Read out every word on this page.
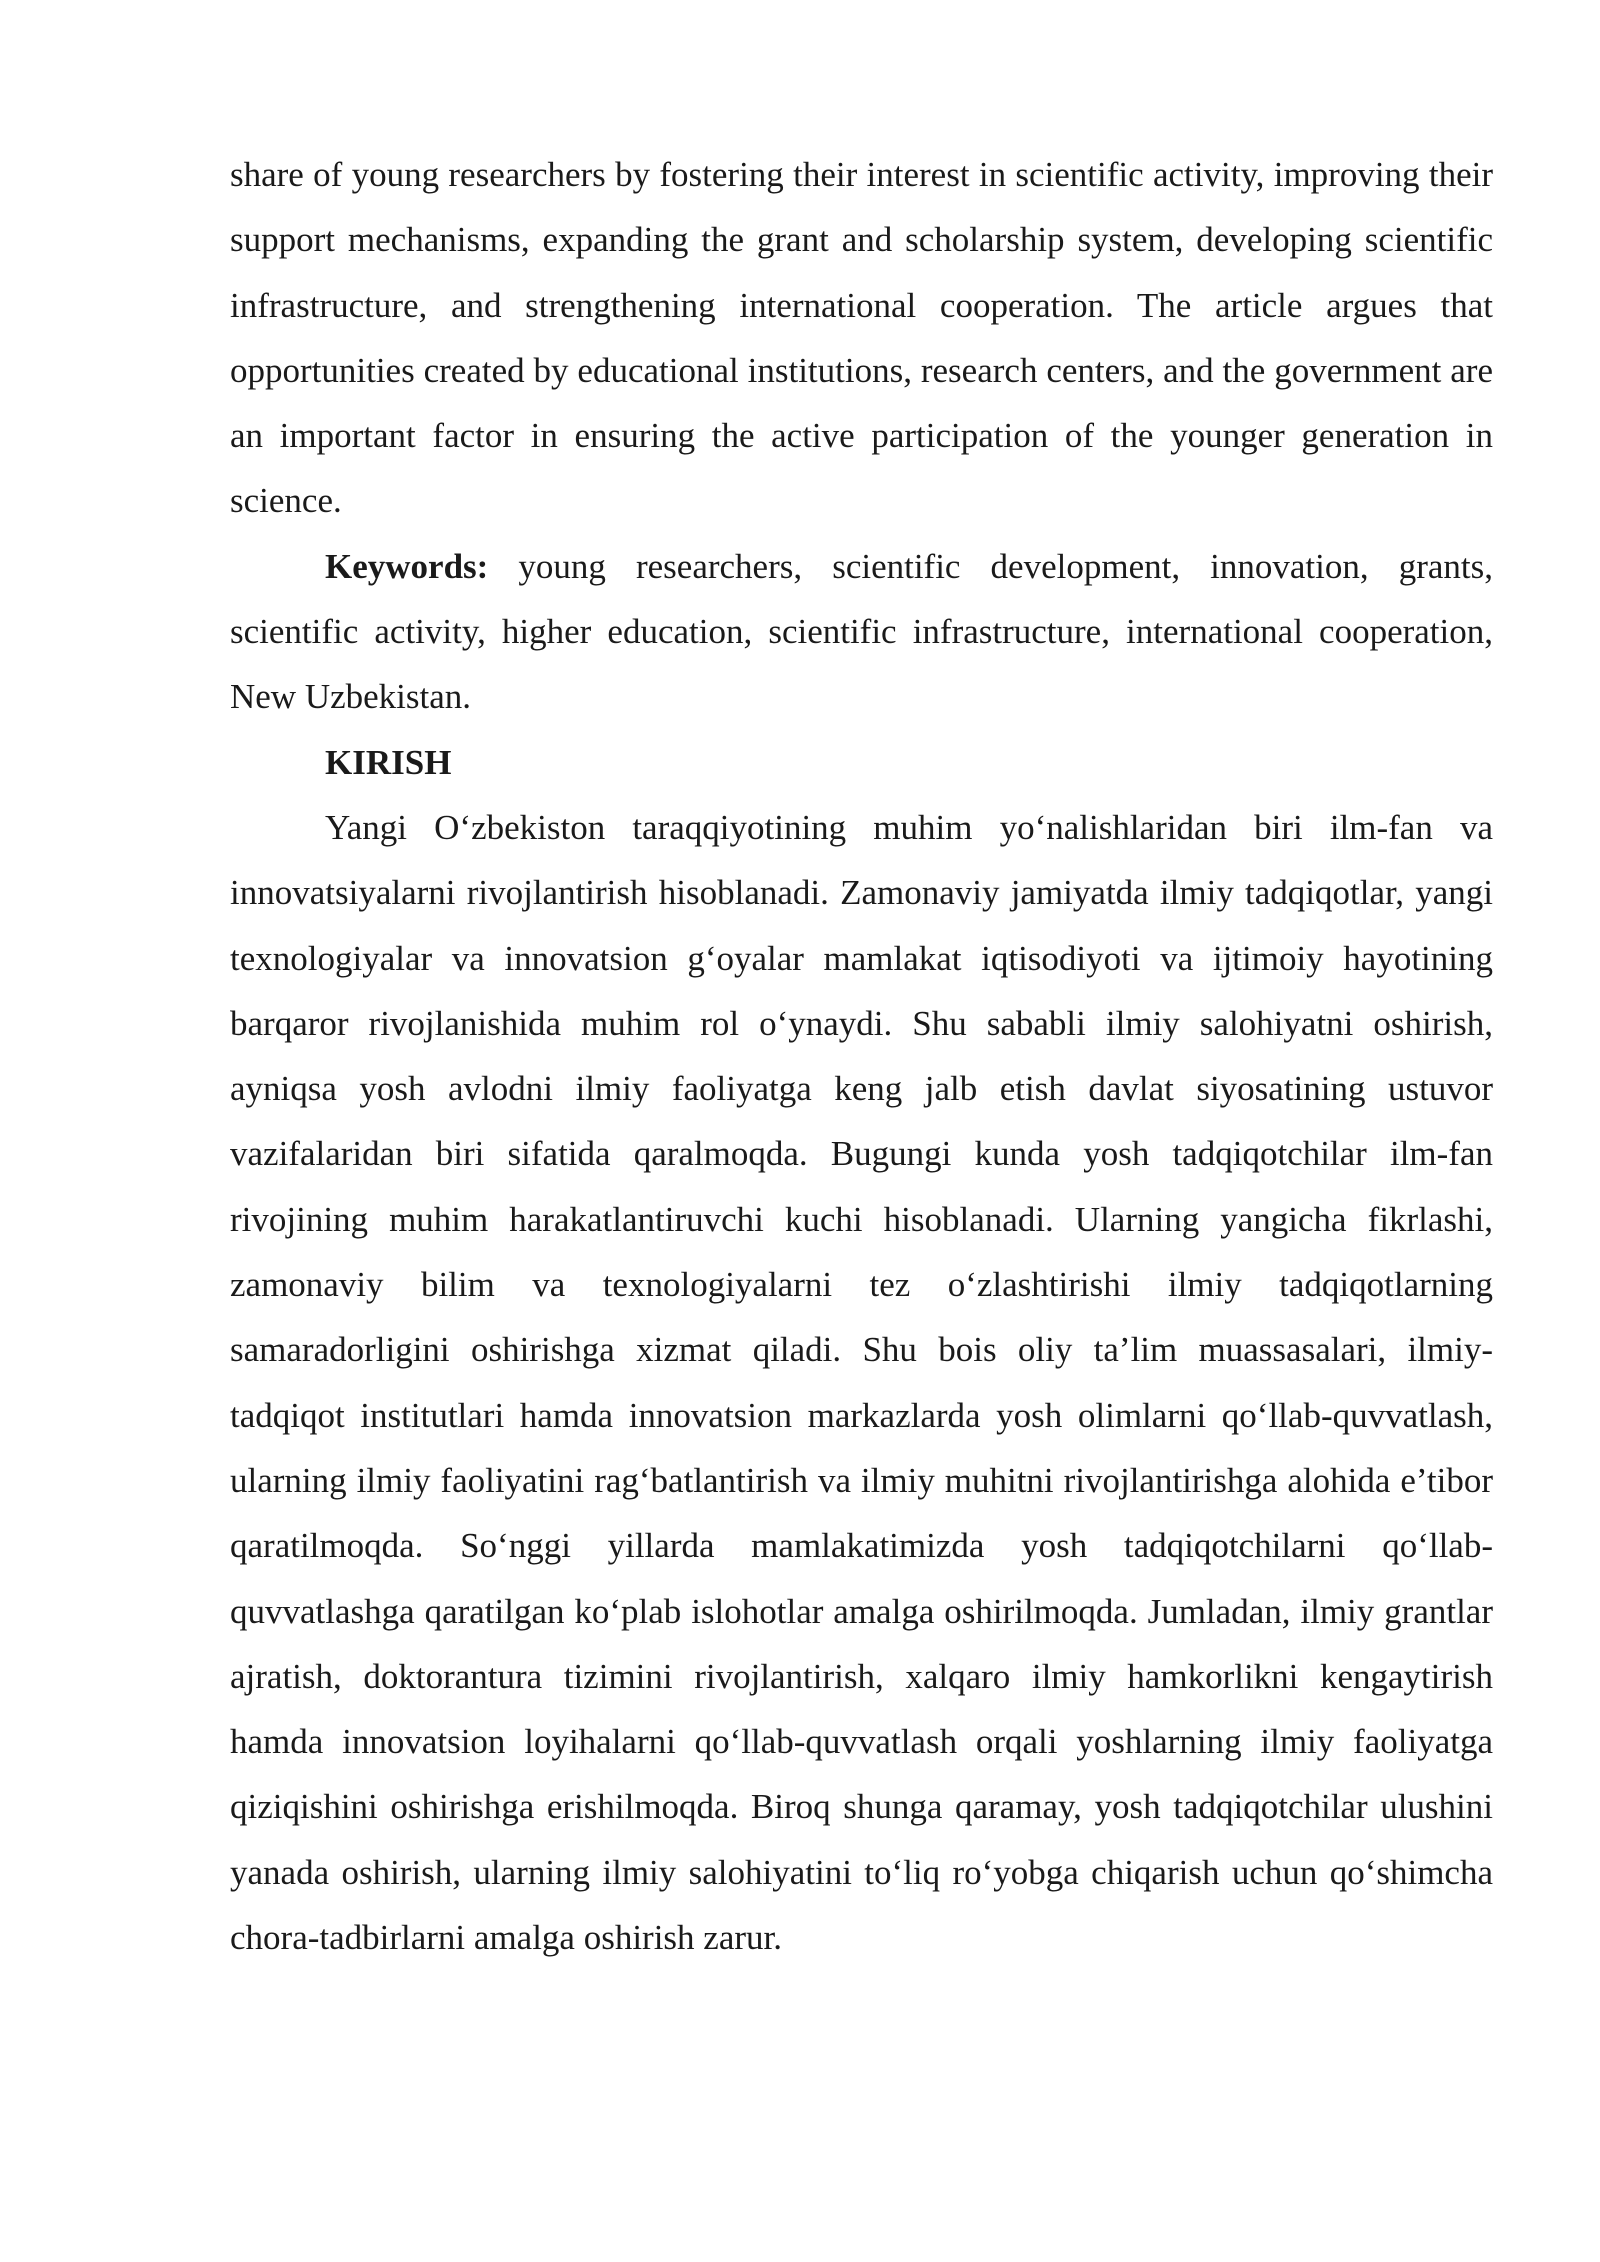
share of young researchers by fostering their interest in scientific activity, improving their support mechanisms, expanding the grant and scholarship system, developing scientific infrastructure, and strengthening international cooperation. The article argues that opportunities created by educational institutions, research centers, and the government are an important factor in ensuring the active participation of the younger generation in science.

Keywords: young researchers, scientific development, innovation, grants, scientific activity, higher education, scientific infrastructure, international cooperation, New Uzbekistan.

KIRISH

Yangi O‘zbekiston taraqqiyotining muhim yo‘nalishlaridan biri ilm-fan va innovatsiyalarni rivojlantirish hisoblanadi. Zamonaviy jamiyatda ilmiy tadqiqotlar, yangi texnologiyalar va innovatsion g‘oyalar mamlakat iqtisodiyoti va ijtimoiy hayotining barqaror rivojlanishida muhim rol o‘ynaydi. Shu sababli ilmiy salohiyatni oshirish, ayniqsa yosh avlodni ilmiy faoliyatga keng jalb etish davlat siyosatining ustuvor vazifalaridan biri sifatida qaralmoqda. Bugungi kunda yosh tadqiqotchilar ilm-fan rivojining muhim harakatlantiruvchi kuchi hisoblanadi. Ularning yangicha fikrlashi, zamonaviy bilim va texnologiyalarni tez o‘zlashtirishi ilmiy tadqiqotlarning samaradorligini oshirishga xizmat qiladi. Shu bois oliy ta’lim muassasalari, ilmiy-tadqiqot institutlari hamda innovatsion markazlarda yosh olimlarni qo‘llab-quvvatlash, ularning ilmiy faoliyatini rag‘batlantirish va ilmiy muhitni rivojlantirishga alohida e’tibor qaratilmoqda. So‘nggi yillarda mamlakatimizda yosh tadqiqotchilarni qo‘llab-quvvatlashga qaratilgan ko‘plab islohotlar amalga oshirilmoqda. Jumladan, ilmiy grantlar ajratish, doktorantura tizimini rivojlantirish, xalqaro ilmiy hamkorlikni kengaytirish hamda innovatsion loyihalarni qo‘llab-quvvatlash orqali yoshlarning ilmiy faoliyatga qiziqishini oshirishga erishilmoqda. Biroq shunga qaramay, yosh tadqiqotchilar ulushini yanada oshirish, ularning ilmiy salohiyatini to‘liq ro‘yobga chiqarish uchun qo‘shimcha chora-tadbirlarni amalga oshirish zarur.
